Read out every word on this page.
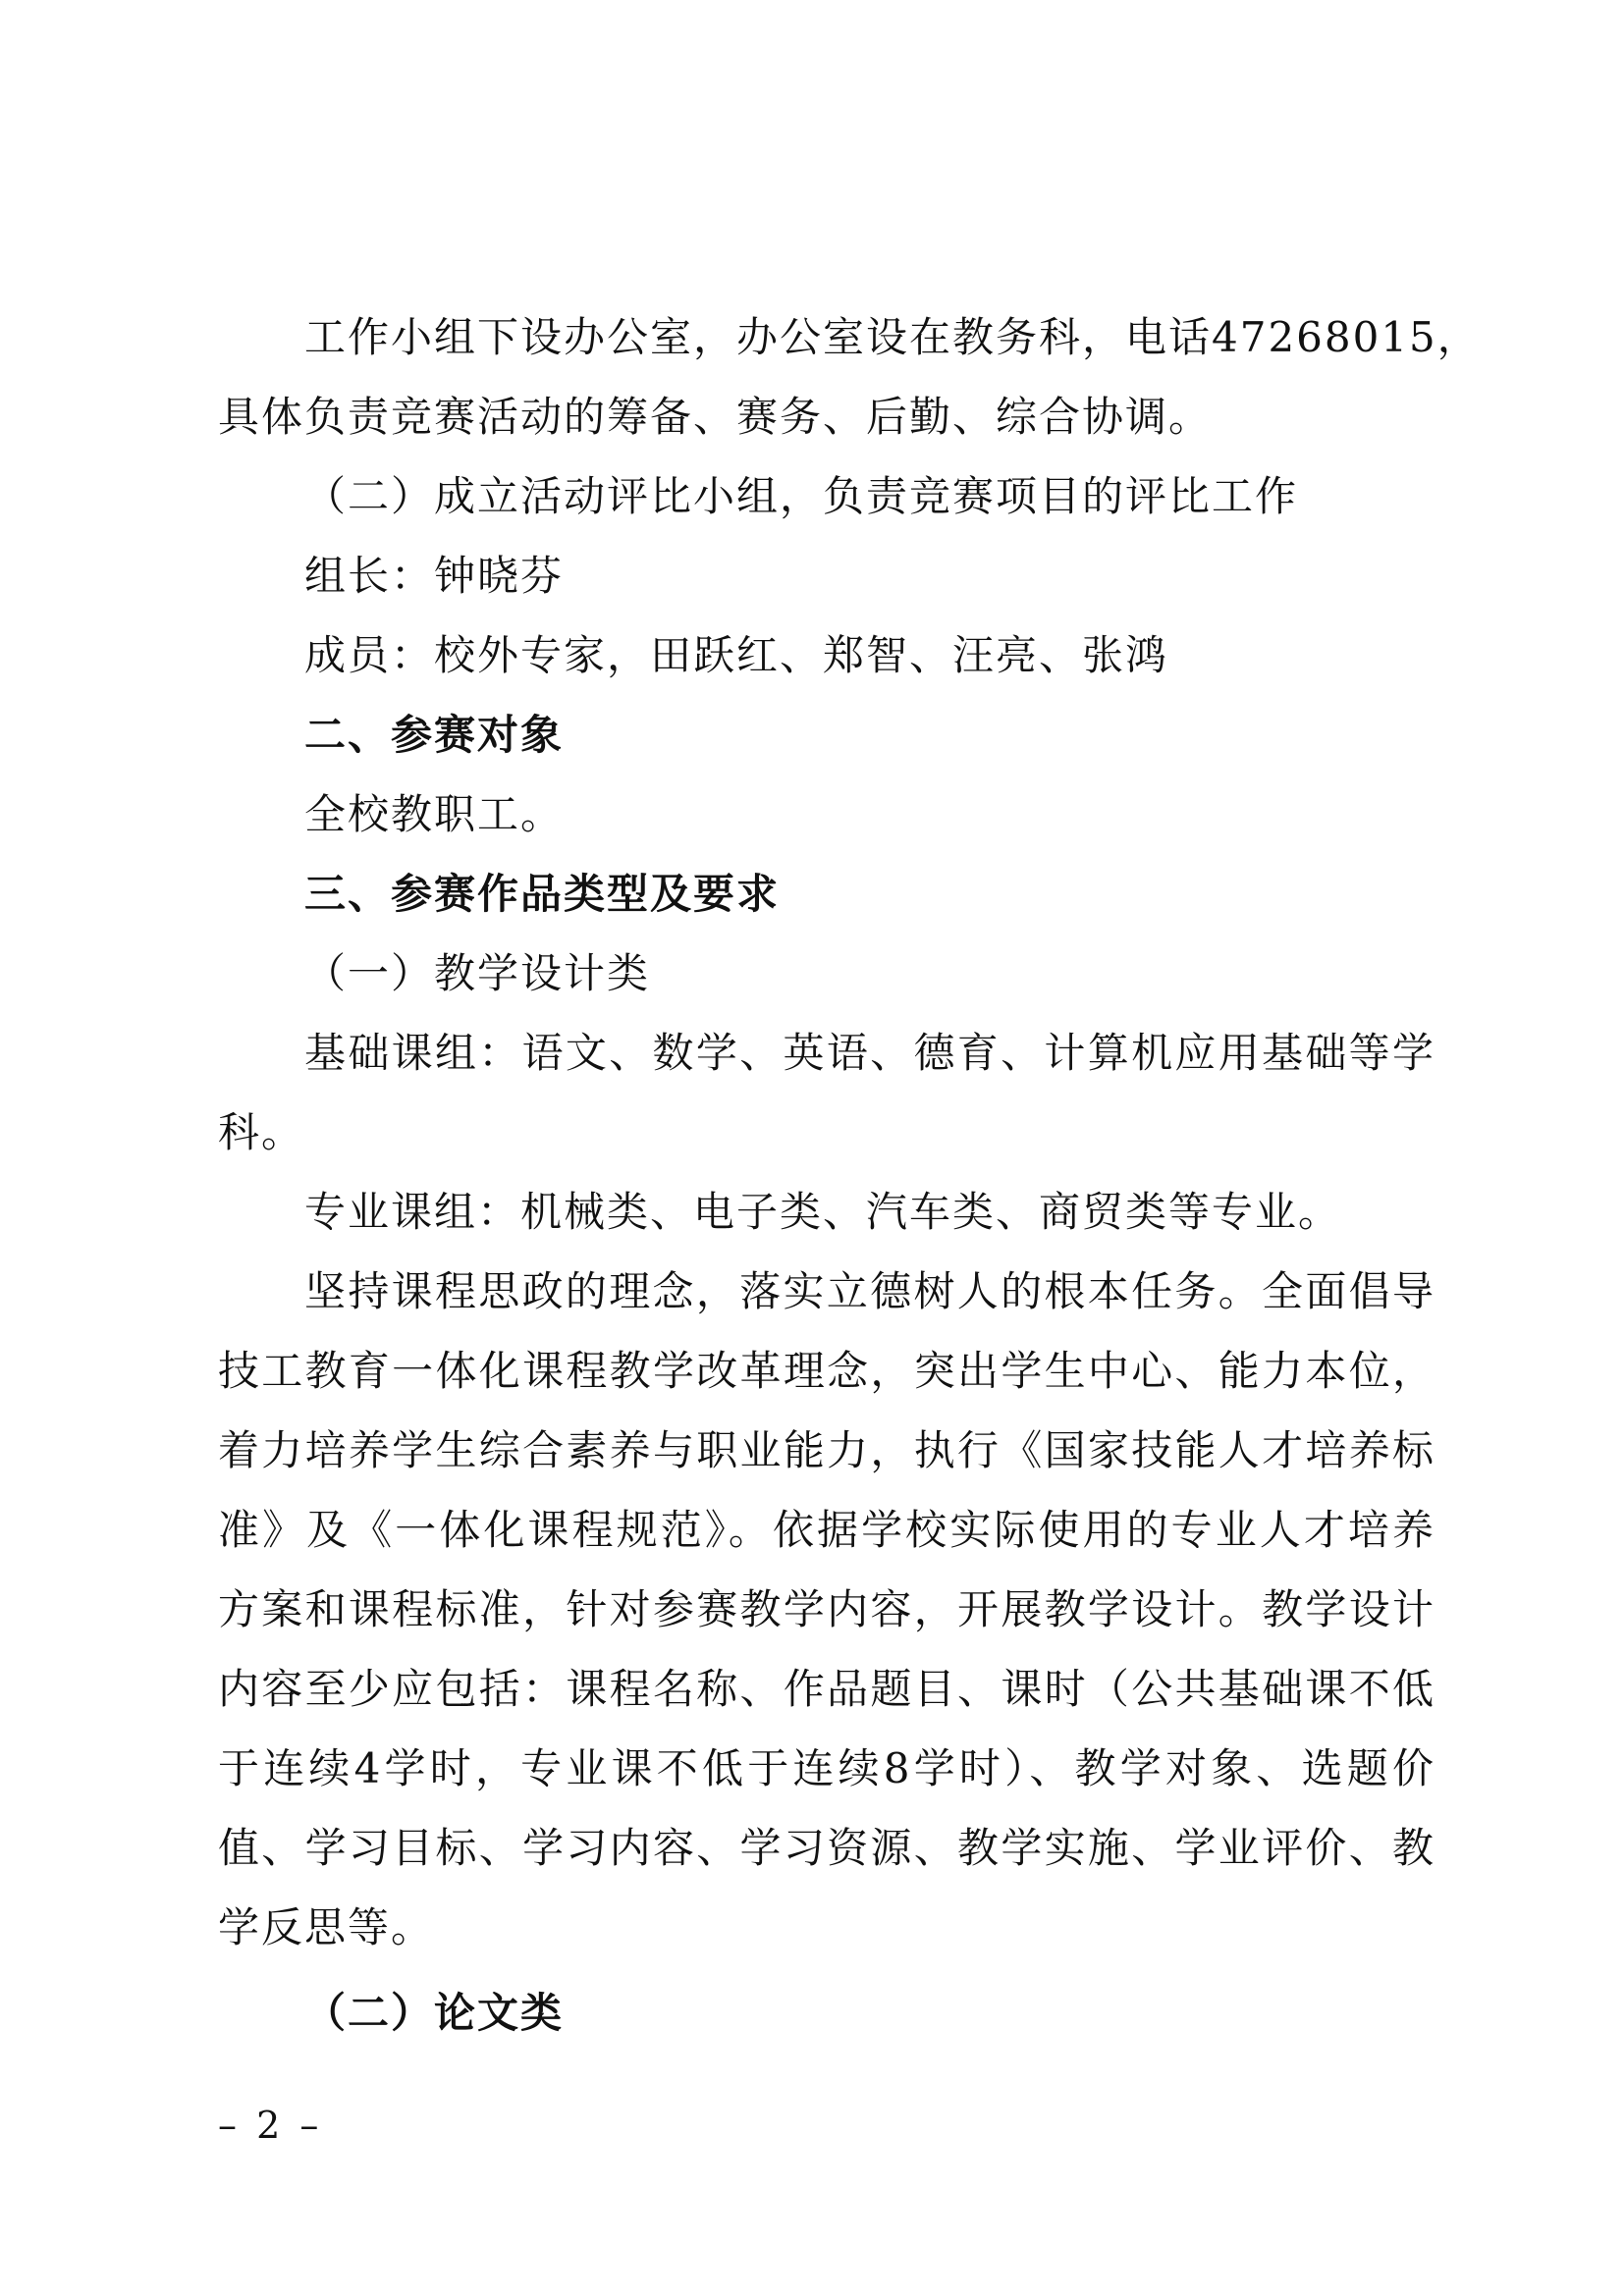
工作小组下设办公室，办公室设在教务科，电话47268015，
具体负责竞赛活动的筹备、赛务、后勤、综合协调。
（二）成立活动评比小组，负责竞赛项目的评比工作
组长：钟晓芬
成员：校外专家，田跃红、郑智、汪亮、张鸿
二、参赛对象
全校教职工。
三、参赛作品类型及要求
（一）教学设计类
基础课组：语文、数学、英语、德育、计算机应用基础等学
科。
专业课组：机械类、电子类、汽车类、商贸类等专业。
坚持课程思政的理念，落实立德树人的根本任务。全面倡导
技工教育一体化课程教学改革理念，突出学生中心、能力本位，
着力培养学生综合素养与职业能力，执行《国家技能人才培养标
准》及《一体化课程规范》。依据学校实际使用的专业人才培养
方案和课程标准，针对参赛教学内容，开展教学设计。教学设计
内容至少应包括：课程名称、作品题目、课时（公共基础课不低
于连续4学时，专业课不低于连续8学时）、教学对象、选题价
值、学习目标、学习内容、学习资源、教学实施、学业评价、教
学反思等。
（二）论文类
– 2 –
